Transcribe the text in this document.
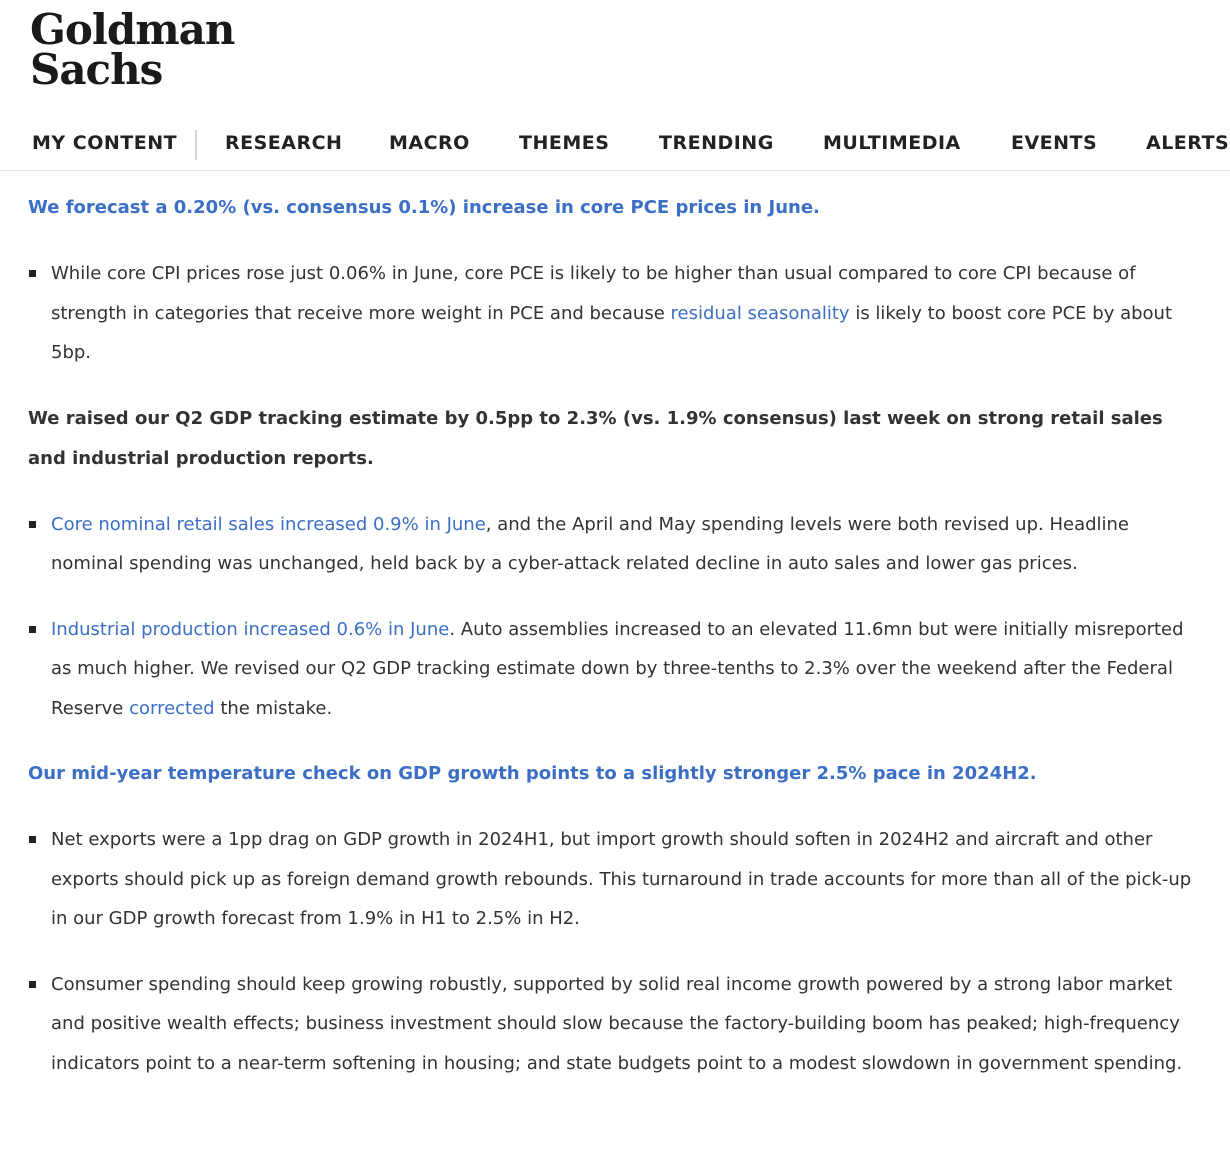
Goldman
Sachs
MY CONTENT	RESEARCH MACRO	THEMES	TRENDING	MULTIMEDIA	EVENTS	ALERTS

We forecast a 0.20% (vs. consensus 0.1%) increase in core PCE prices in June.

While core CPI prices rose just 0.06% in June, core PCE is likely to be higher than usual compared to core CPI because of strength in categories that receive more weight in PCE and because residual seasonality is likely to boost core PCE by about 5bp.

We raised our Q2 GDP tracking estimate by 0.5pp to 2.3% (vs. 1.9% consensus) last week on strong retail sales and industrial production reports.

Core nominal retail sales increased 0.9% in June, and the April and May spending levels were both revised up. Headline nominal spending was unchanged, held back by a cyber-attack related decline in auto sales and lower gas prices.
Industrial production increased 0.6% in June. Auto assemblies increased to an elevated 11.6mn but were initially misreported as much higher. We revised our Q2 GDP tracking estimate down by three-tenths to 2.3% over the weekend after the Federal Reserve corrected the mistake.

Our mid-year temperature check on GDP growth points to a slightly stronger 2.5% pace in 2024H2.

Net exports were a 1pp drag on GDP growth in 2024H1, but import growth should soften in 2024H2 and aircraft and other exports should pick up as foreign demand growth rebounds. This turnaround in trade accounts for more than all of the pick-up in our GDP growth forecast from 1.9% in H1 to 2.5% in H2.
Consumer spending should keep growing robustly, supported by solid real income growth powered by a strong labor market and positive wealth effects; business investment should slow because the factory-building boom has peaked; high-frequency indicators point to a near-term softening in housing; and state budgets point to a modest slowdown in government spending.
